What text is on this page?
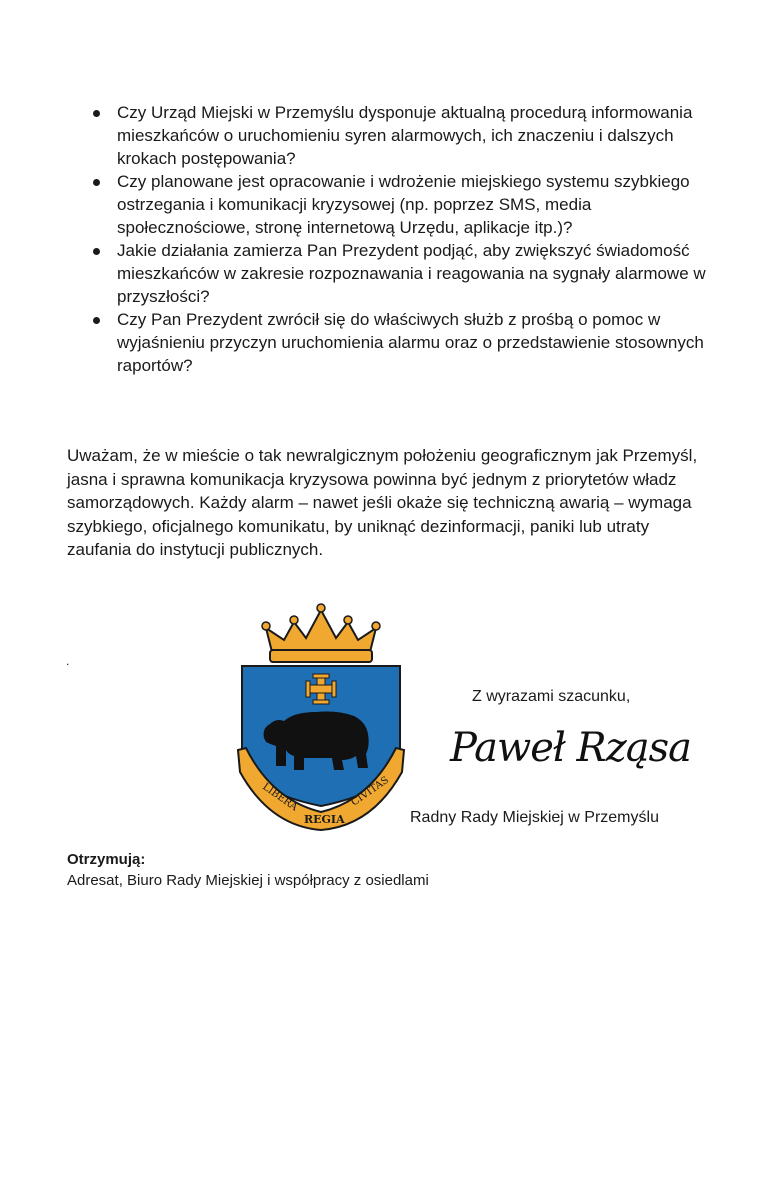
Czy Urząd Miejski w Przemyślu dysponuje aktualną procedurą informowania mieszkańców o uruchomieniu syren alarmowych, ich znaczeniu i dalszych krokach postępowania?
Czy planowane jest opracowanie i wdrożenie miejskiego systemu szybkiego ostrzegania i komunikacji kryzysowej (np. poprzez SMS, media społecznościowe, stronę internetową Urzędu, aplikacje itp.)?
Jakie działania zamierza Pan Prezydent podjąć, aby zwiększyć świadomość mieszkańców w zakresie rozpoznawania i reagowania na sygnały alarmowe w przyszłości?
Czy Pan Prezydent zwrócił się do właściwych służb z prośbą o pomoc w wyjaśnieniu przyczyn uruchomienia alarmu oraz o przedstawienie stosownych raportów?

Uważam, że w mieście o tak newralgicznym położeniu geograficznym jak Przemyśl, jasna i sprawna komunikacja kryzysowa powinna być jednym z priorytetów władz samorządowych. Każdy alarm – nawet jeśli okaże się techniczną awarią – wymaga szybkiego, oficjalnego komunikatu, by uniknąć dezinformacji, paniki lub utraty zaufania do instytucji publicznych.

.
LIBERA
REGIA
CIVITAS
Z wyrazami szacunku,
Paweł Rząsa
Radny Rady Miejskiej w Przemyślu
Otrzymują:
Adresat, Biuro Rady Miejskiej i współpracy z osiedlami
